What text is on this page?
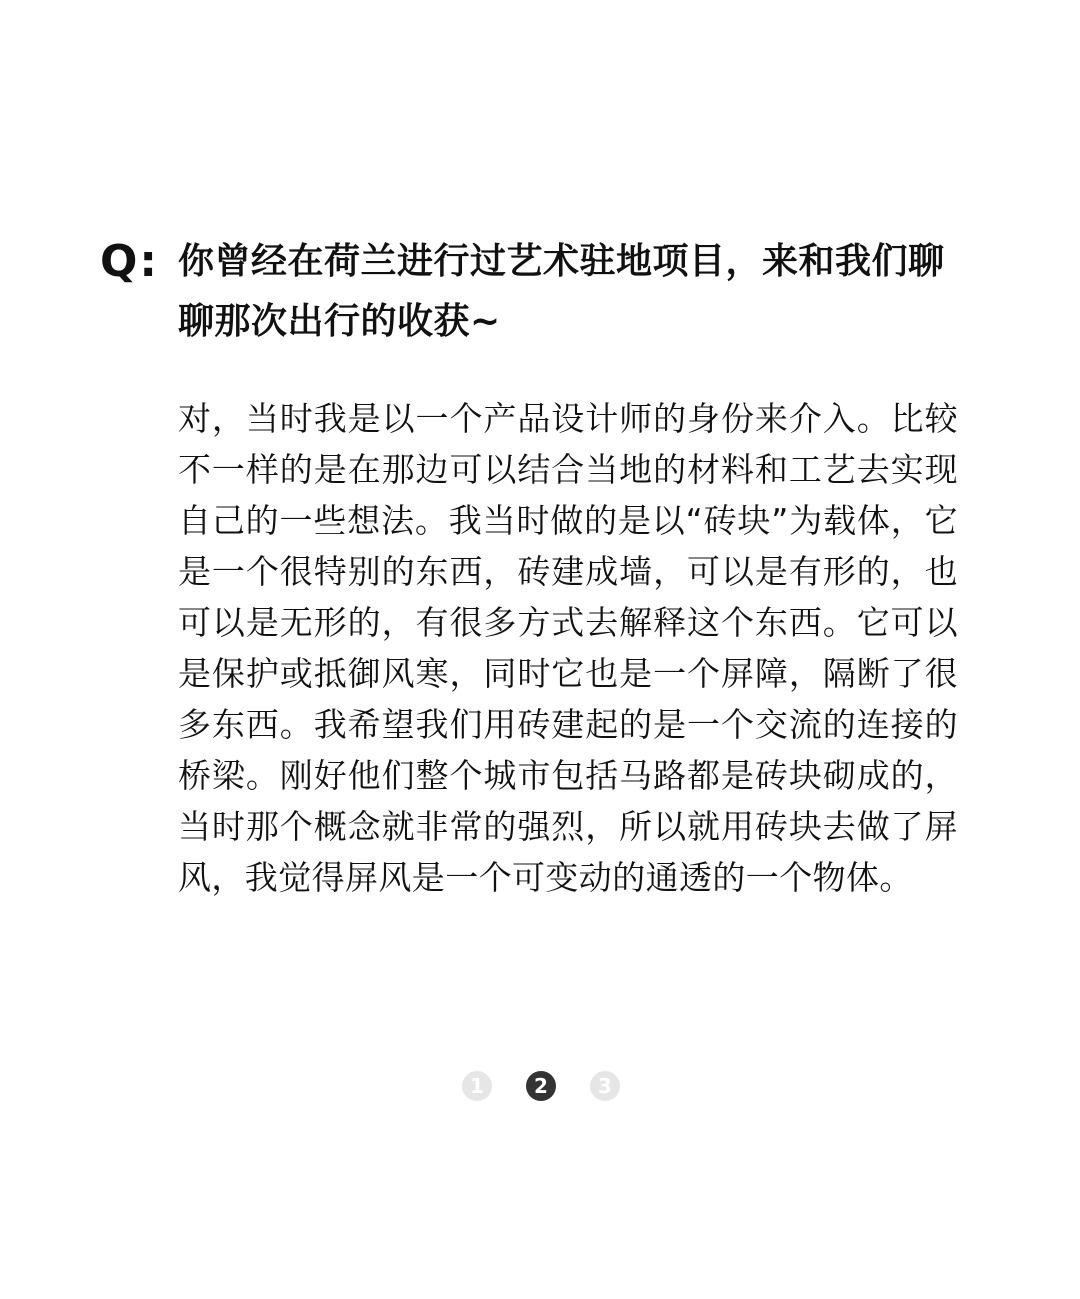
Q: 你曾经在荷兰进行过艺术驻地项目，来和我们聊聊那次出行的收获~
对，当时我是以一个产品设计师的身份来介入。比较不一样的是在那边可以结合当地的材料和工艺去实现自己的一些想法。我当时做的是以“砖块”为载体，它是一个很特别的东西，砖建成墙，可以是有形的，也可以是无形的，有很多方式去解释这个东西。它可以是保护或抵御风寒，同时它也是一个屏障，隔断了很多东西。我希望我们用砖建起的是一个交流的连接的桥梁。刚好他们整个城市包括马路都是砖块砌成的，当时那个概念就非常的强烈，所以就用砖块去做了屏风，我觉得屏风是一个可变动的通透的一个物体。
1	2	3
